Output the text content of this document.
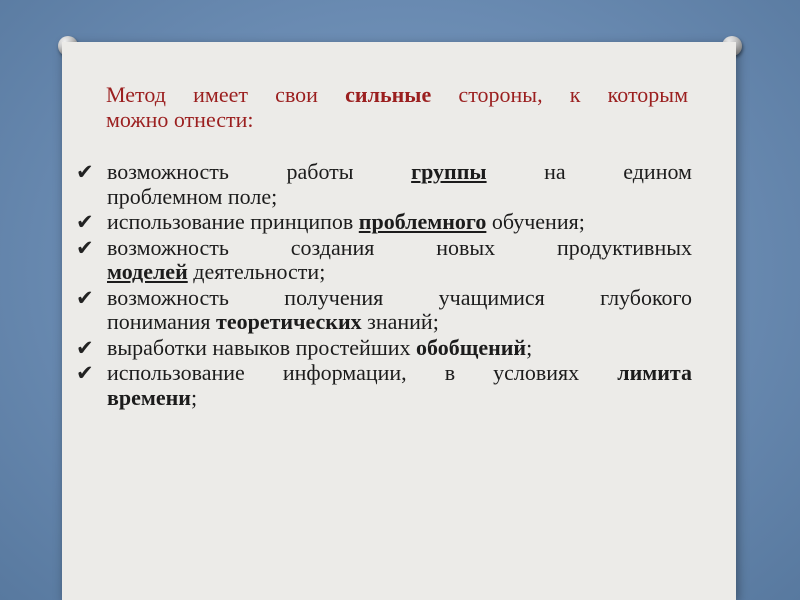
Метод имеет свои сильные стороны, к которым
можно отнести:
✔ возможность работы группы на едином
проблемном поле;
✔ использование принципов проблемного обучения;
✔ возможность создания новых продуктивных
моделей деятельности;
✔ возможность получения учащимися глубокого
понимания теоретических знаний;
✔ выработки навыков простейших обобщений;
✔ использование информации, в условиях лимита
времени;
